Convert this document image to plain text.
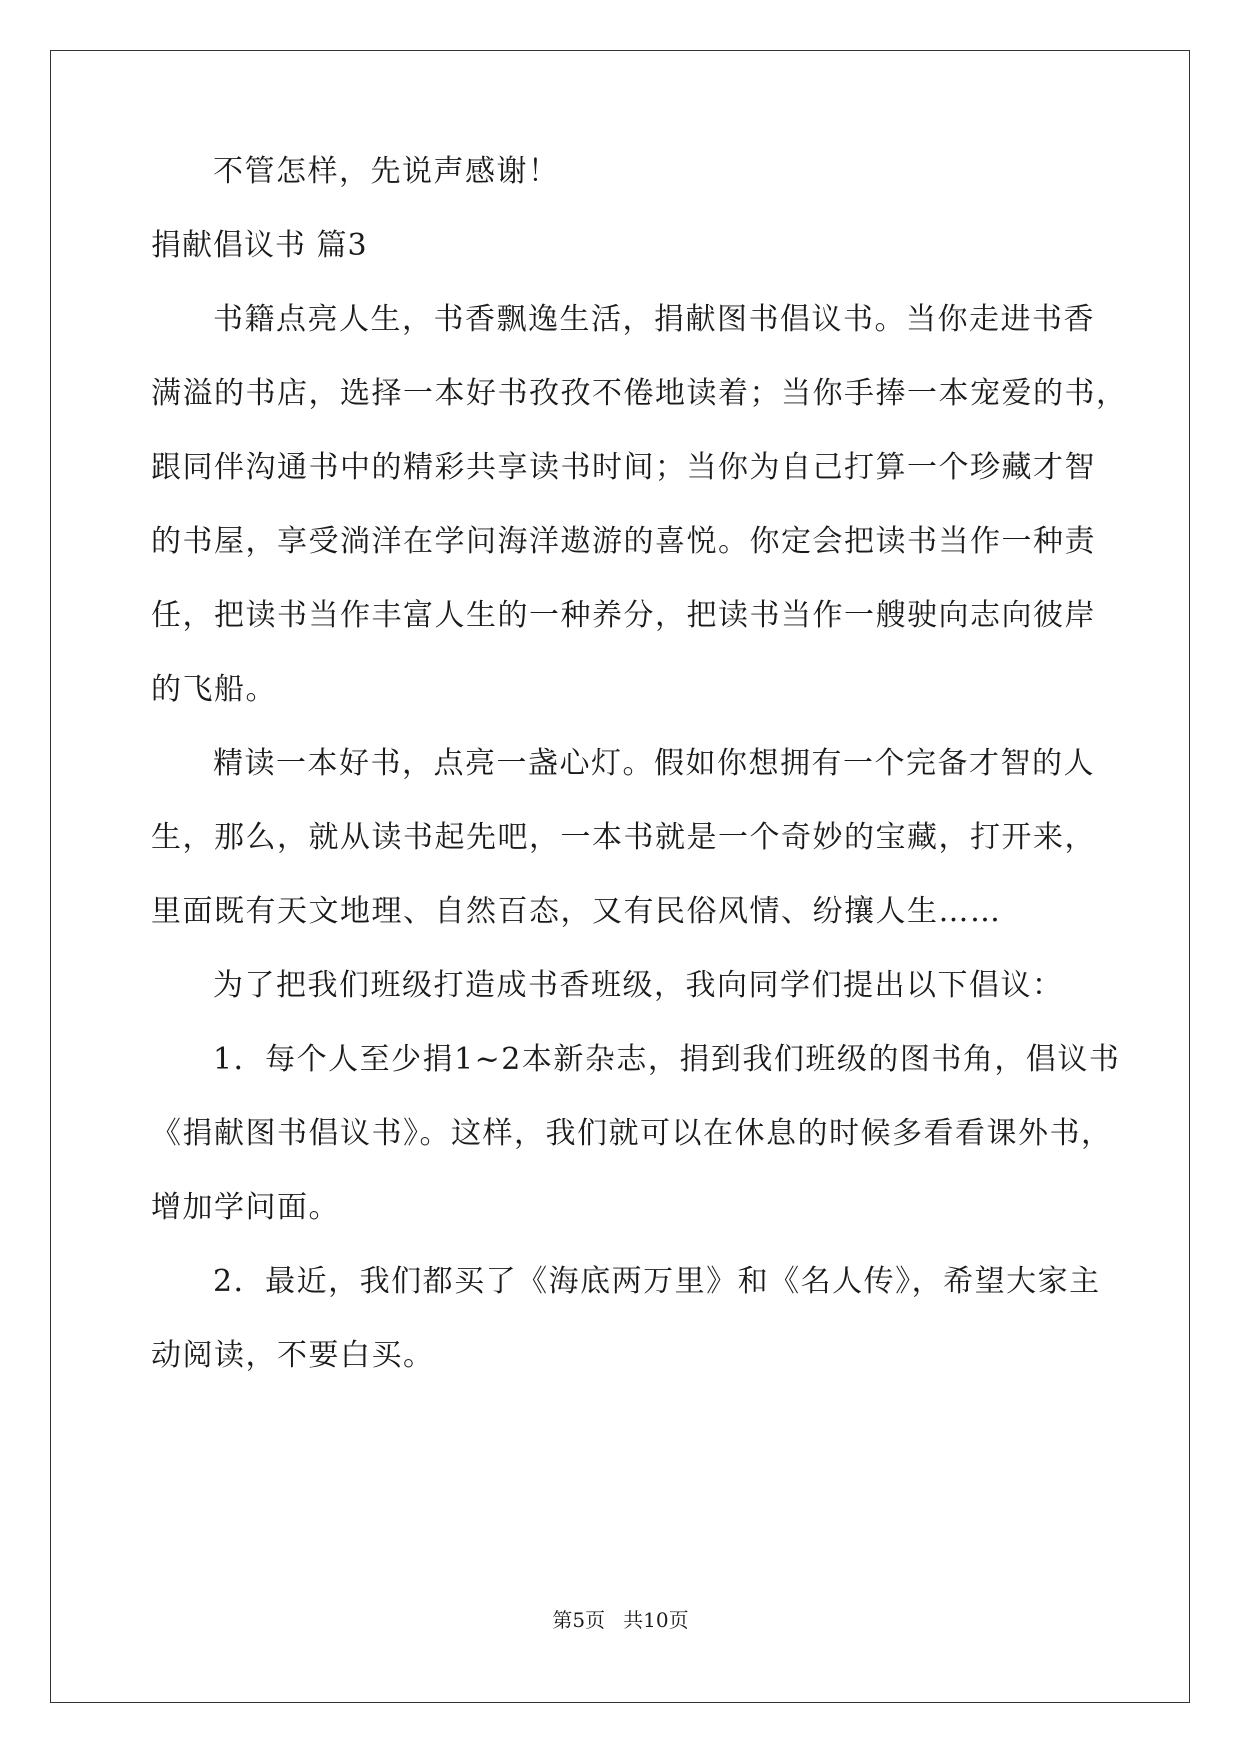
不管怎样，先说声感谢！
捐献倡议书 篇3
书籍点亮人生，书香飘逸生活，捐献图书倡议书。当你走进书香
满溢的书店，选择一本好书孜孜不倦地读着；当你手捧一本宠爱的书，
跟同伴沟通书中的精彩共享读书时间；当你为自己打算一个珍藏才智
的书屋，享受淌洋在学问海洋遨游的喜悦。你定会把读书当作一种责
任，把读书当作丰富人生的一种养分，把读书当作一艘驶向志向彼岸
的飞船。
精读一本好书，点亮一盏心灯。假如你想拥有一个完备才智的人
生，那么，就从读书起先吧，一本书就是一个奇妙的宝藏，打开来，
里面既有天文地理、自然百态，又有民俗风情、纷攘人生……
为了把我们班级打造成书香班级，我向同学们提出以下倡议：
1．每个人至少捐1~2本新杂志，捐到我们班级的图书角，倡议书
《捐献图书倡议书》。这样，我们就可以在休息的时候多看看课外书，
增加学问面。
2．最近，我们都买了《海底两万里》和《名人传》，希望大家主
动阅读，不要白买。
第5页 共10页
